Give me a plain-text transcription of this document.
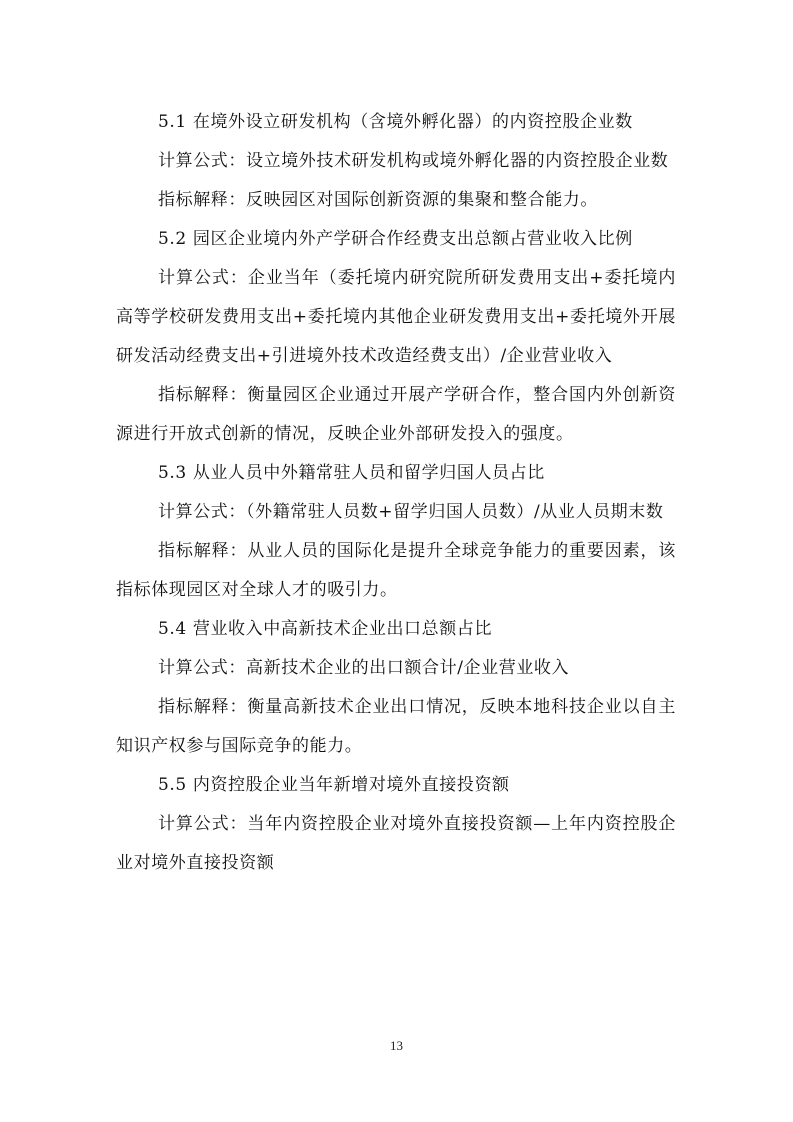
5.1 在境外设立研发机构（含境外孵化器）的内资控股企业数

计算公式：设立境外技术研发机构或境外孵化器的内资控股企业数

指标解释：反映园区对国际创新资源的集聚和整合能力。

5.2 园区企业境内外产学研合作经费支出总额占营业收入比例

计算公式：企业当年（委托境内研究院所研发费用支出+委托境内高等学校研发费用支出+委托境内其他企业研发费用支出+委托境外开展研发活动经费支出+引进境外技术改造经费支出）/企业营业收入

指标解释：衡量园区企业通过开展产学研合作，整合国内外创新资源进行开放式创新的情况，反映企业外部研发投入的强度。

5.3 从业人员中外籍常驻人员和留学归国人员占比

计算公式：（外籍常驻人员数+留学归国人员数）/从业人员期末数

指标解释：从业人员的国际化是提升全球竞争能力的重要因素，该指标体现园区对全球人才的吸引力。

5.4 营业收入中高新技术企业出口总额占比

计算公式：高新技术企业的出口额合计/企业营业收入

指标解释：衡量高新技术企业出口情况，反映本地科技企业以自主知识产权参与国际竞争的能力。

5.5 内资控股企业当年新增对境外直接投资额

计算公式：当年内资控股企业对境外直接投资额—上年内资控股企业对境外直接投资额

13
